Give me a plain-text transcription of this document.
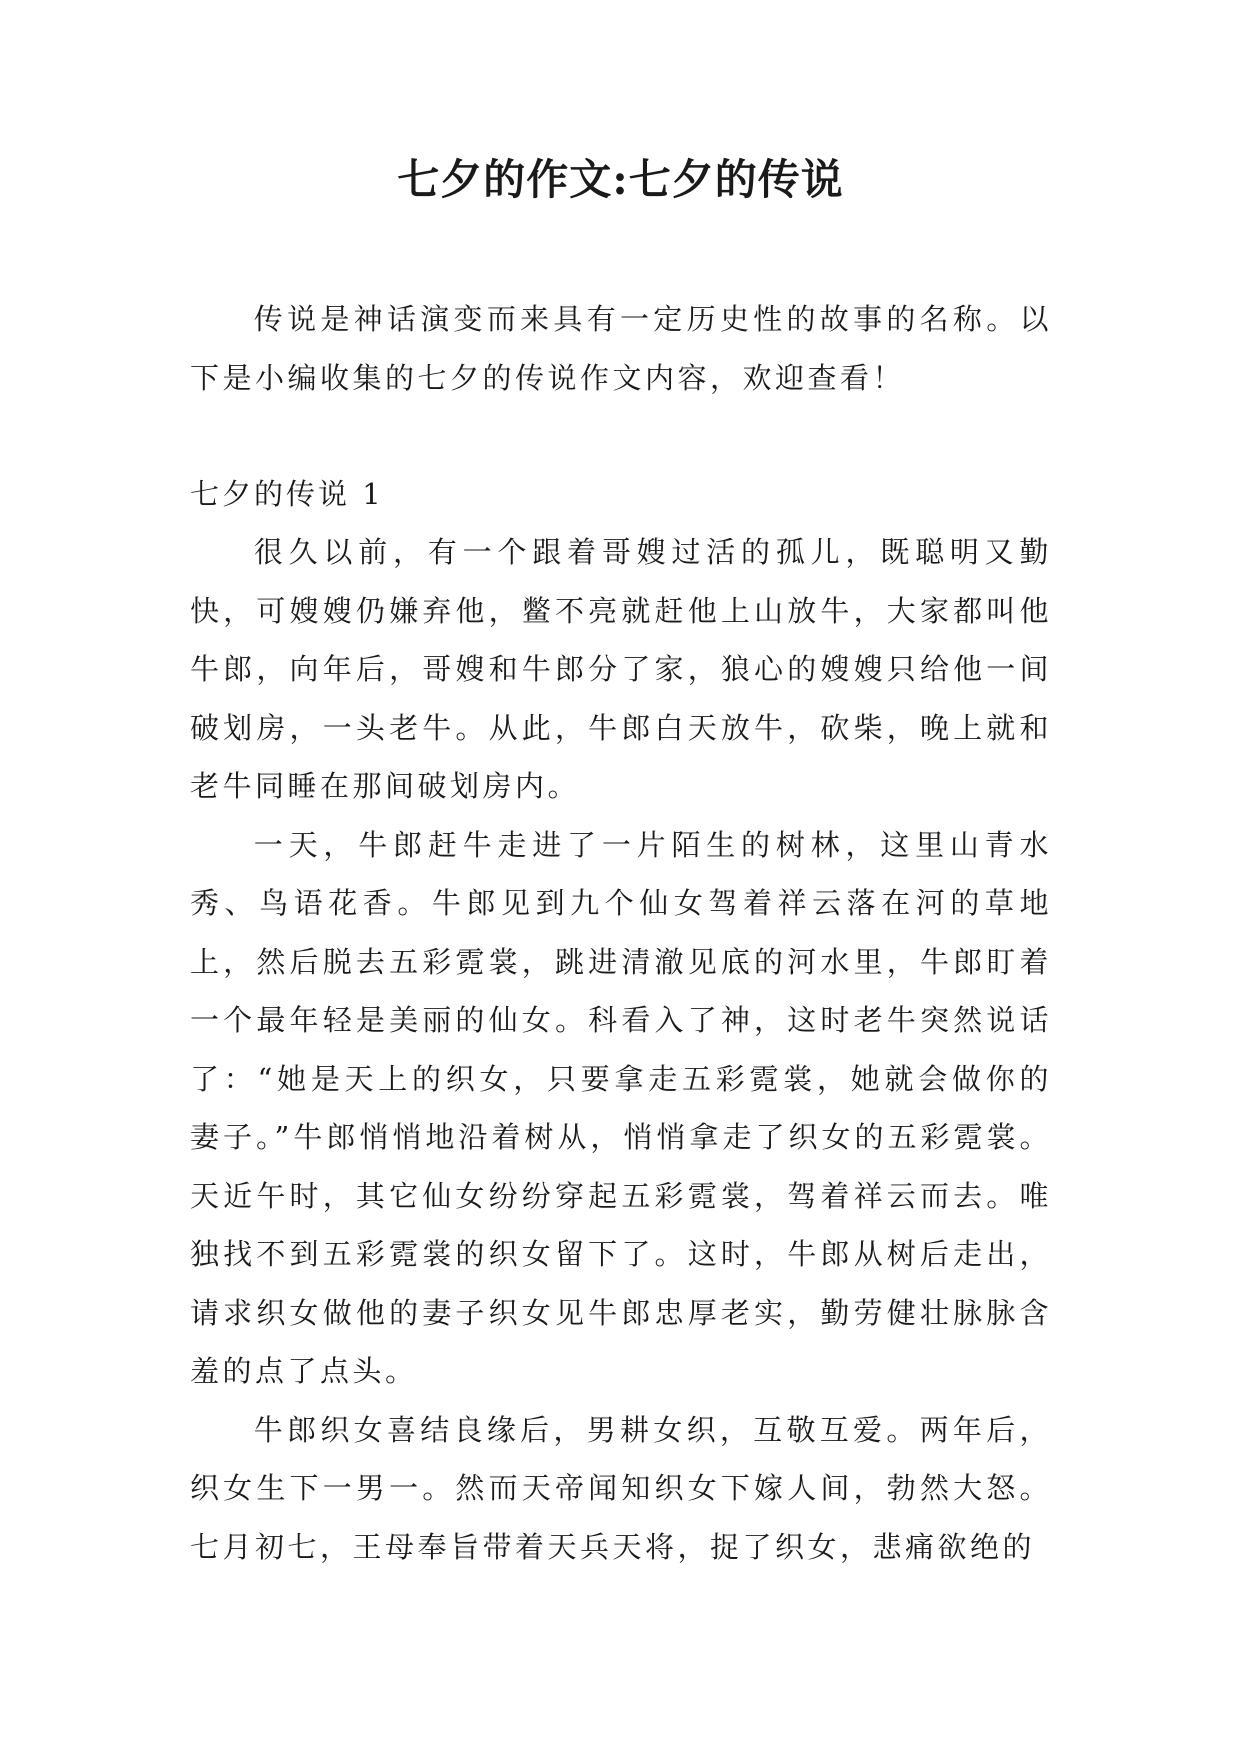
七夕的作文:七夕的传说

传说是神话演变而来具有一定历史性的故事的名称。以下是小编收集的七夕的传说作文内容，欢迎查看！

七夕的传说 1

很久以前，有一个跟着哥嫂过活的孤儿，既聪明又勤快，可嫂嫂仍嫌弃他，鳖不亮就赶他上山放牛，大家都叫他牛郎，向年后，哥嫂和牛郎分了家，狼心的嫂嫂只给他一间破划房，一头老牛。从此，牛郎白天放牛，砍柴，晚上就和老牛同睡在那间破划房内。

一天，牛郎赶牛走进了一片陌生的树林，这里山青水秀、鸟语花香。牛郎见到九个仙女驾着祥云落在河的草地上，然后脱去五彩霓裳，跳进清澈见底的河水里，牛郎盯着一个最年轻是美丽的仙女。科看入了神，这时老牛突然说话了：“她是天上的织女，只要拿走五彩霓裳，她就会做你的妻子。”牛郎悄悄地沿着树从，悄悄拿走了织女的五彩霓裳。天近午时，其它仙女纷纷穿起五彩霓裳，驾着祥云而去。唯独找不到五彩霓裳的织女留下了。这时，牛郎从树后走出，请求织女做他的妻子织女见牛郎忠厚老实，勤劳健壮脉脉含羞的点了点头。

牛郎织女喜结良缘后，男耕女织，互敬互爱。两年后，织女生下一男一。然而天帝闻知织女下嫁人间，勃然大怒。七月初七，王母奉旨带着天兵天将，捉了织女，悲痛欲绝的
